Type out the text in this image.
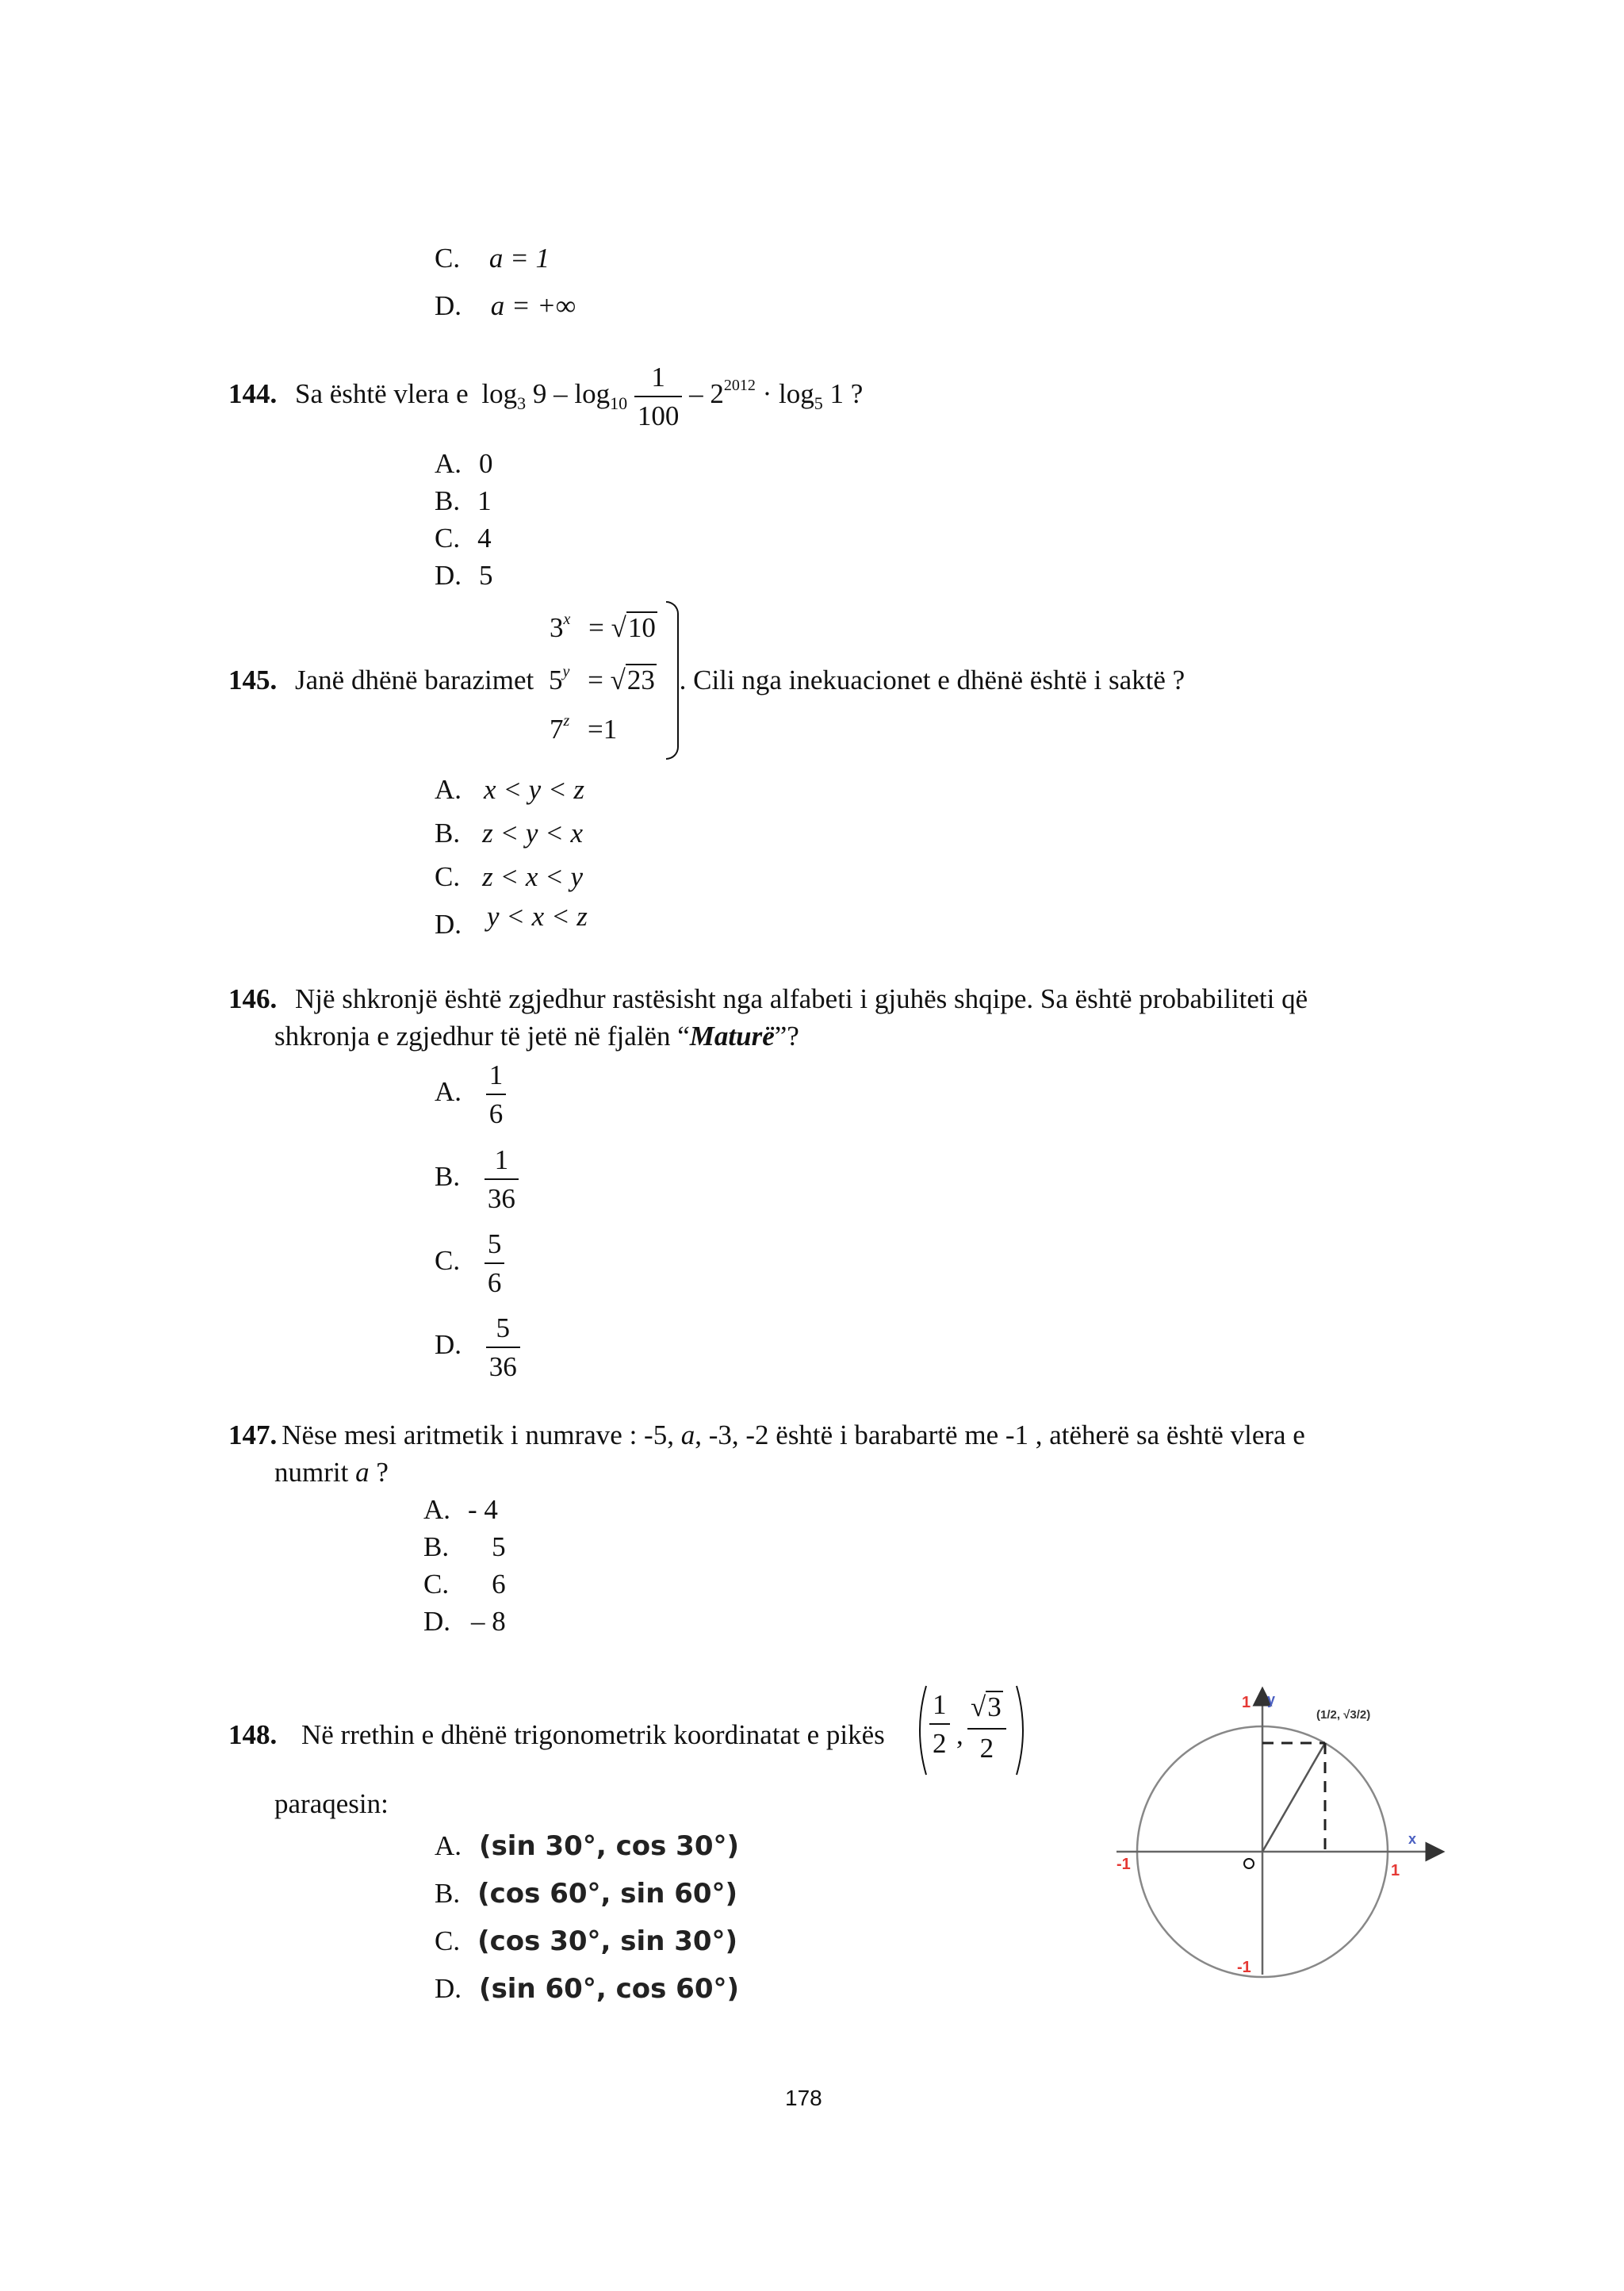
C. a = 1
D. a = +∞
144. Sa është vlera e $\log_3 9 - \log_{10} \frac{1}{100} - 2^{2012} \cdot \log_5 1$ ?
A. 0
B. 1
C. 4
D. 5
$3^x = √10$
145. Janë dhënë barazimet $5^y = √23$ . Cili nga inekuacionet e dhënë është i saktë ?
$7^z =1$
A. x < y < z
B. z < y < x
C. z < x < y
D. y < x < z
146. Një shkronjë është zgjedhur rastësisht nga alfabeti i gjuhës shqipe. Sa është probabiliteti që
shkronja e zgjedhur të jetë në fjalën “Maturë”?
A. $\frac{1}{6}$
B. $\frac{1}{36}$
C. $\frac{5}{6}$
D. $\frac{5}{36}$
147. Nëse mesi aritmetik i numrave : -5, a, -3, -2 është i barabartë me -1 , atëherë sa është vlera e
numrit a ?
A. - 4
B. 5
C. 6
D. – 8
148. Në rrethin e dhënë trigonometrik koordinatat e pikës $\frac{1}{2}$ , $\frac{√3}{2}$
paraqesin:
A. (sin 30°, cos 30°)
B. (cos 60°, sin 60°)
C. (cos 30°, sin 30°)
D. (sin 60°, cos 60°)
1 y
x
-1	1
-1
(1/2, √3/2)
178
